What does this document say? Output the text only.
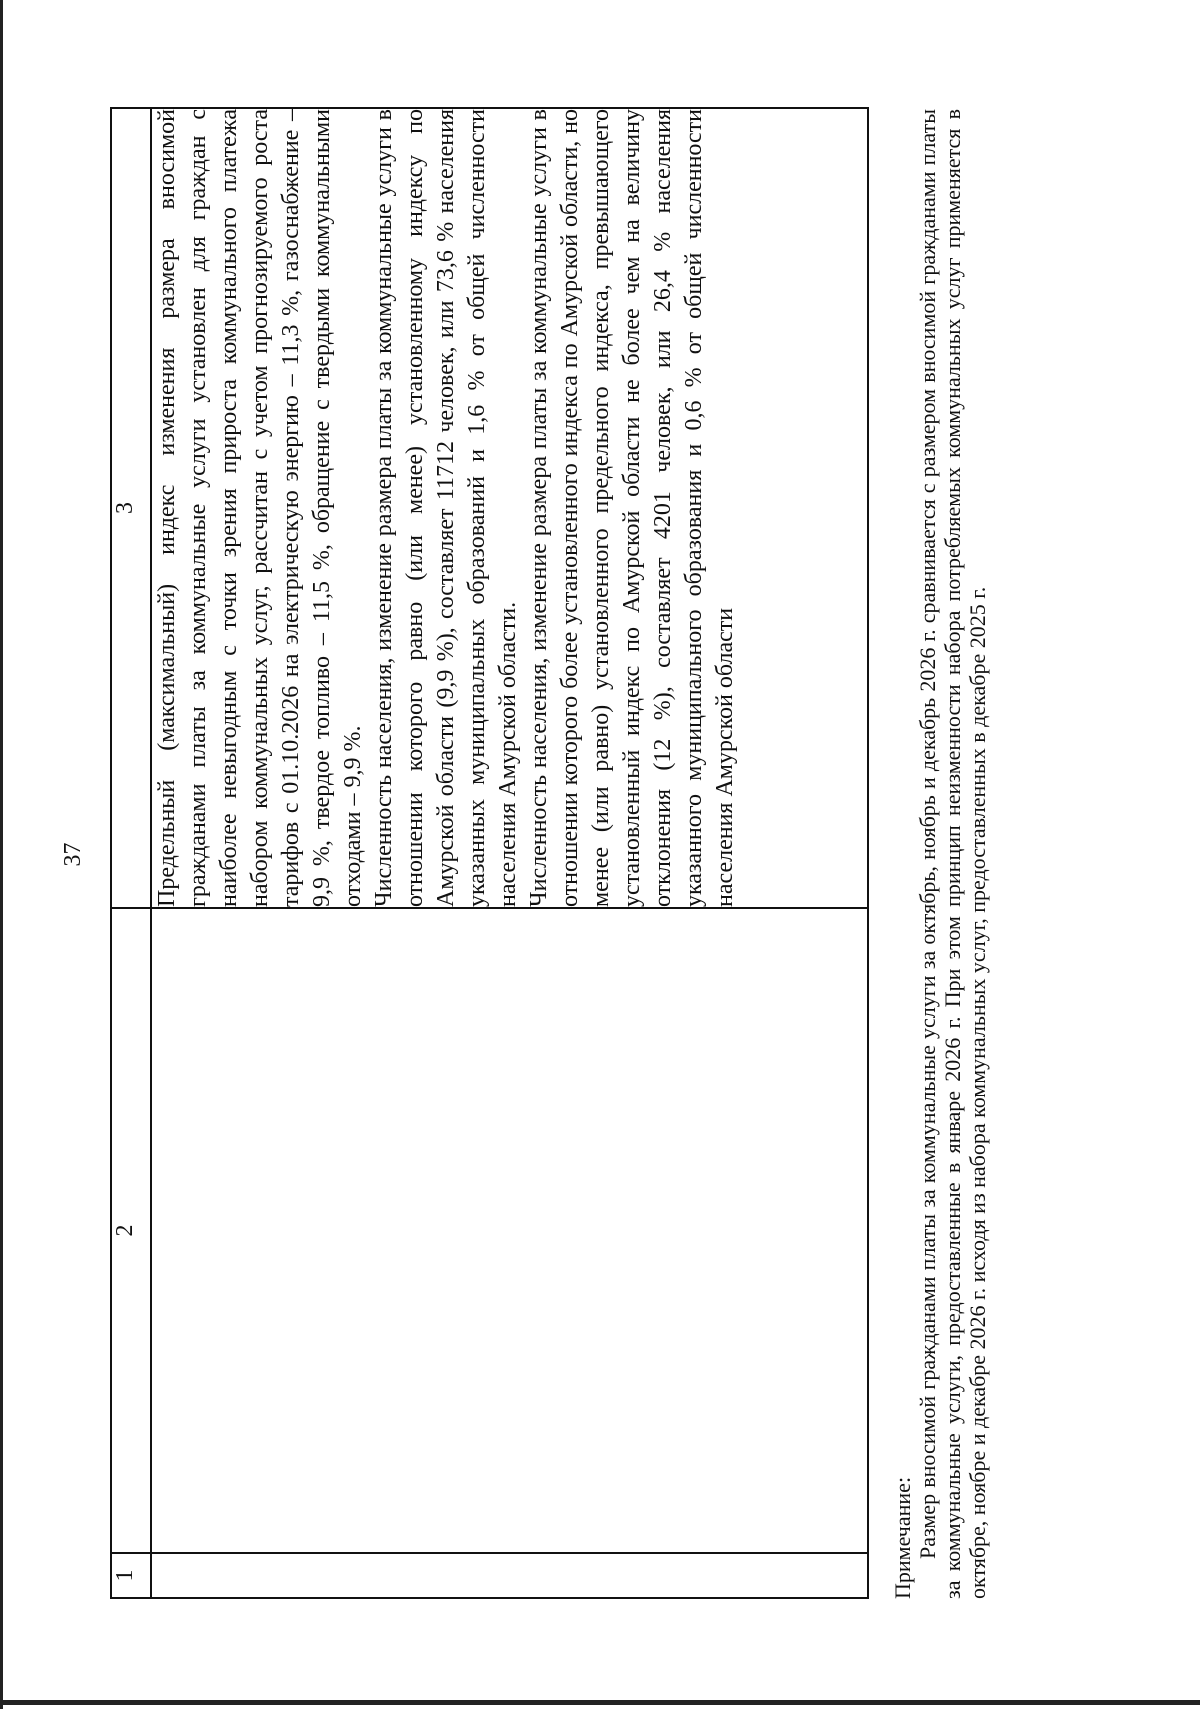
37
1	2	3

		Предельный (максимальный) индекс изменения размера вносимой гражданами платы за коммунальные услуги установлен для граждан с наиболее невыгодным с точки зрения прироста коммунального платежа набором коммунальных услуг, рассчитан с учетом прогнозируемого роста тарифов с 01.10.2026 на электрическую энергию – 11,3 %, газоснабжение – 9,9 %, твердое топливо – 11,5 %, обращение с твердыми коммунальными отходами – 9,9 %. Численность населения, изменение размера платы за коммунальные услуги в отношении которого равно (или менее) установленному индексу по Амурской области (9,9 %), составляет 11712 человек, или 73,6 % населения указанных муниципальных образований и 1,6 % от общей численности населения Амурской области. Численность населения, изменение размера платы за коммунальные услуги в отношении которого более установленного индекса по Амурской области, но менее (или равно) установленного предельного индекса, превышающего установленный индекс по Амурской области не более чем на величину отклонения (12 %), составляет 4201 человек, или 26,4 % населения указанного муниципального образования и 0,6 % от общей численности населения Амурской области

Примечание: Размер вносимой гражданами платы за коммунальные услуги за октябрь, ноябрь и декабрь 2026 г. сравнивается с размером вносимой гражданами платы за коммунальные услуги, предоставленные в январе 2026 г. При этом принцип неизменности набора потребляемых коммунальных услуг применяется в октябре, ноябре и декабре 2026 г. исходя из набора коммунальных услуг, предоставленных в декабре 2025 г.
